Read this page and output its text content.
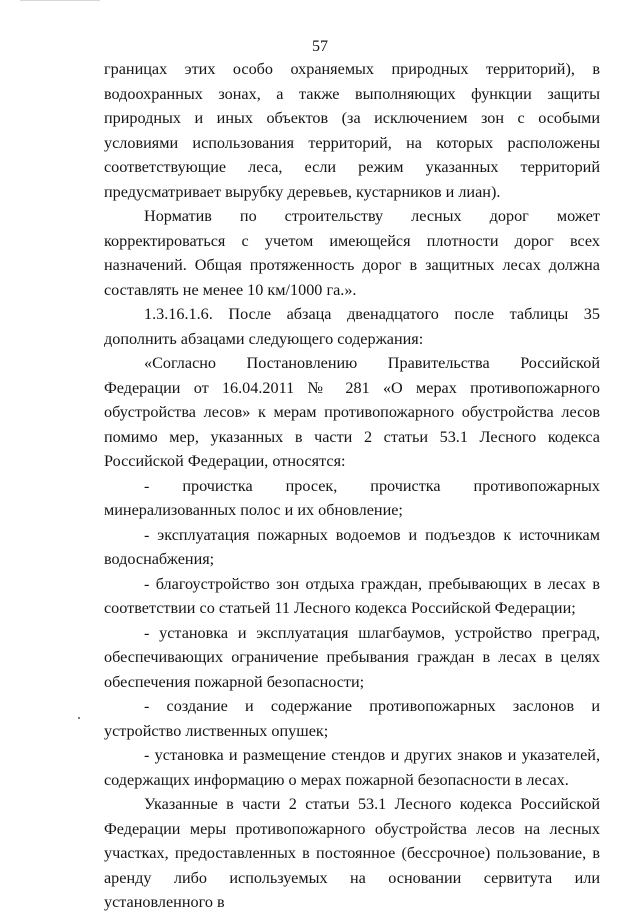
57

границах этих особо охраняемых природных территорий), в водоохранных зонах, а также выполняющих функции защиты природных и иных объектов (за исключением зон с особыми условиями использования территорий, на которых расположены соответствующие леса, если режим указанных территорий предусматривает вырубку деревьев, кустарников и лиан).

Норматив по строительству лесных дорог может корректироваться с учетом имеющейся плотности дорог всех назначений. Общая протяженность дорог в защитных лесах должна составлять не менее 10 км/1000 га.».

1.3.16.1.6. После абзаца двенадцатого после таблицы 35 дополнить абзацами следующего содержания:

«Согласно Постановлению Правительства Российской Федерации от 16.04.2011 № 281 «О мерах противопожарного обустройства лесов» к мерам противопожарного обустройства лесов помимо мер, указанных в части 2 статьи 53.1 Лесного кодекса Российской Федерации, относятся:

- прочистка просек, прочистка противопожарных минерализованных полос и их обновление;

- эксплуатация пожарных водоемов и подъездов к источникам водоснабжения;

- благоустройство зон отдыха граждан, пребывающих в лесах в соответствии со статьей 11 Лесного кодекса Российской Федерации;

- установка и эксплуатация шлагбаумов, устройство преград, обеспечивающих ограничение пребывания граждан в лесах в целях обеспечения пожарной безопасности;

- создание и содержание противопожарных заслонов и устройство лиственных опушек;

- установка и размещение стендов и других знаков и указателей, содержащих информацию о мерах пожарной безопасности в лесах.

Указанные в части 2 статьи 53.1 Лесного кодекса Российской Федерации меры противопожарного обустройства лесов на лесных участках, предоставленных в постоянное (бессрочное) пользование, в аренду либо используемых на основании сервитута или установленного в
